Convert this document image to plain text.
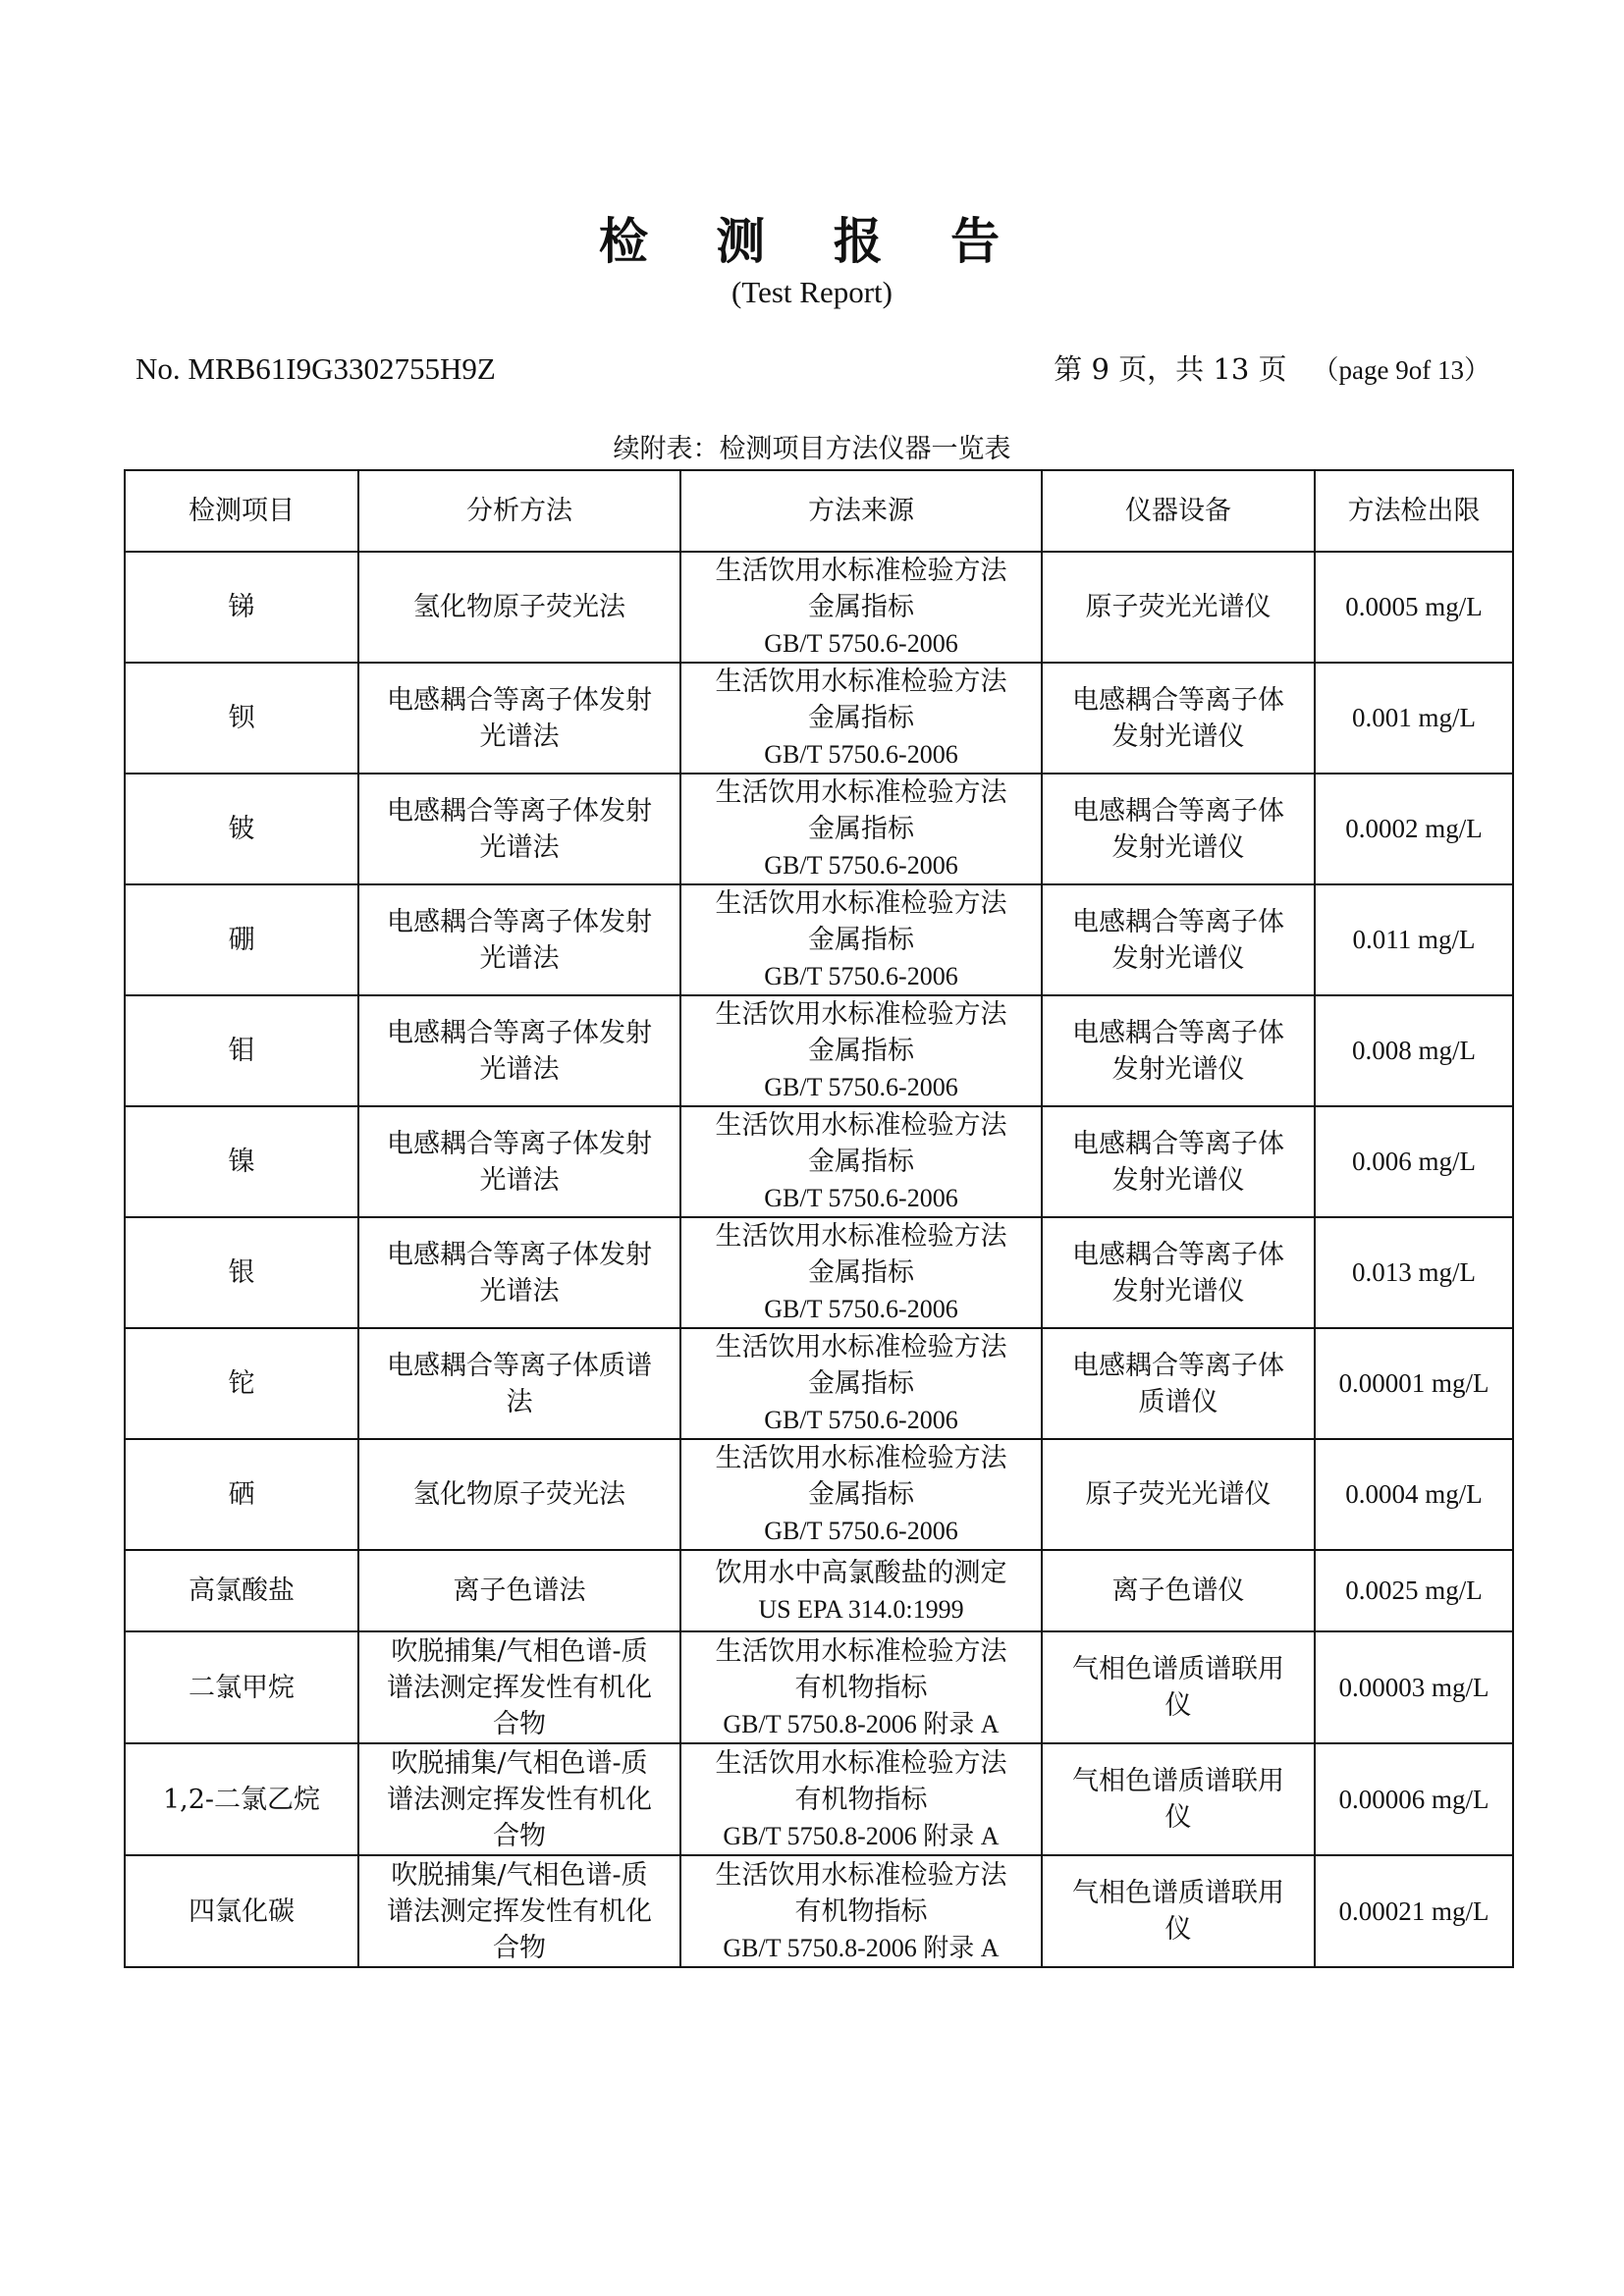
检 测 报 告
(Test Report)
No. MRB61I9G3302755H9Z	第 9 页，共 13 页 （page 9of 13）
续附表：检测项目方法仪器一览表
检测项目	分析方法	方法来源	仪器设备	方法检出限
锑	氢化物原子荧光法	生活饮用水标准检验方法
金属指标
GB/T 5750.6-2006	原子荧光光谱仪	0.0005 mg/L
钡	电感耦合等离子体发射
光谱法	生活饮用水标准检验方法
金属指标
GB/T 5750.6-2006	电感耦合等离子体
发射光谱仪	0.001 mg/L
铍	电感耦合等离子体发射
光谱法	生活饮用水标准检验方法
金属指标
GB/T 5750.6-2006	电感耦合等离子体
发射光谱仪	0.0002 mg/L
硼	电感耦合等离子体发射
光谱法	生活饮用水标准检验方法
金属指标
GB/T 5750.6-2006	电感耦合等离子体
发射光谱仪	0.011 mg/L
钼	电感耦合等离子体发射
光谱法	生活饮用水标准检验方法
金属指标
GB/T 5750.6-2006	电感耦合等离子体
发射光谱仪	0.008 mg/L
镍	电感耦合等离子体发射
光谱法	生活饮用水标准检验方法
金属指标
GB/T 5750.6-2006	电感耦合等离子体
发射光谱仪	0.006 mg/L
银	电感耦合等离子体发射
光谱法	生活饮用水标准检验方法
金属指标
GB/T 5750.6-2006	电感耦合等离子体
发射光谱仪	0.013 mg/L
铊	电感耦合等离子体质谱
法	生活饮用水标准检验方法
金属指标
GB/T 5750.6-2006	电感耦合等离子体
质谱仪	0.00001 mg/L
硒	氢化物原子荧光法	生活饮用水标准检验方法
金属指标
GB/T 5750.6-2006	原子荧光光谱仪	0.0004 mg/L
高氯酸盐	离子色谱法	饮用水中高氯酸盐的测定
US EPA 314.0:1999	离子色谱仪	0.0025 mg/L
二氯甲烷	吹脱捕集/气相色谱-质
谱法测定挥发性有机化
合物	生活饮用水标准检验方法
有机物指标
GB/T 5750.8-2006 附录 A	气相色谱质谱联用
仪	0.00003 mg/L
1,2-二氯乙烷	吹脱捕集/气相色谱-质
谱法测定挥发性有机化
合物	生活饮用水标准检验方法
有机物指标
GB/T 5750.8-2006 附录 A	气相色谱质谱联用
仪	0.00006 mg/L
四氯化碳	吹脱捕集/气相色谱-质
谱法测定挥发性有机化
合物	生活饮用水标准检验方法
有机物指标
GB/T 5750.8-2006 附录 A	气相色谱质谱联用
仪	0.00021 mg/L
